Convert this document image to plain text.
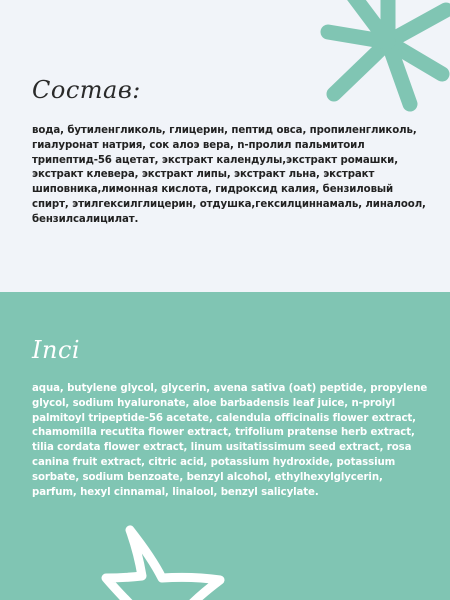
Состав:

вода, бутиленгликоль, глицерин, пептид овса, пропиленгликоль, гиалуронат натрия, сок алоэ вера, n-пролил пальмитоил трипептид-56 ацетат, экстракт календулы,экстракт ромашки, экстракт клевера, экстракт липы, экстракт льна, экстракт шиповника,лимонная кислота, гидроксид калия, бензиловый спирт, этилгексилглицерин, отдушка,гексилциннамаль, линалоол, бензилсалицилат.

Inci

aqua, butylene glycol, glycerin, avena sativa (oat) peptide, propylene glycol, sodium hyaluronate, aloe barbadensis leaf juice, n-prolyl palmitoyl tripeptide-56 acetate, calendula officinalis flower extract, chamomilla recutita flower extract, trifolium pratense herb extract, tilia cordata flower extract, linum usitatissimum seed extract, rosa canina fruit extract, citric acid, potassium hydroxide, potassium sorbate, sodium benzoate, benzyl alcohol, ethylhexylglycerin, parfum, hexyl cinnamal, linalool, benzyl salicylate.
